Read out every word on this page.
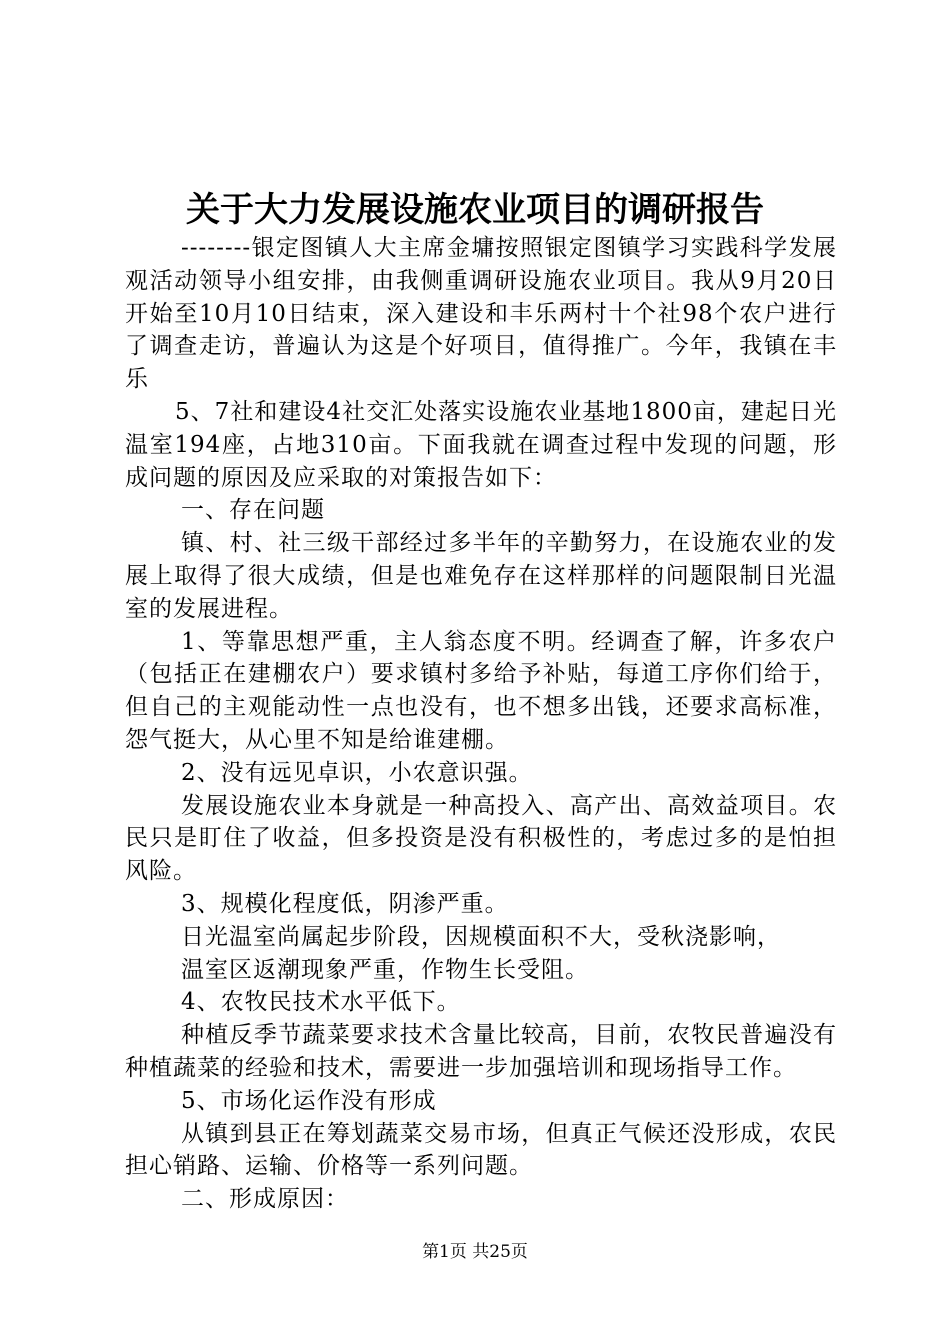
关于大力发展设施农业项目的调研报告

--------银定图镇人大主席金墉按照银定图镇学习实践科学发展观活动领导小组安排，由我侧重调研设施农业项目。我从9月20日开始至10月10日结束，深入建设和丰乐两村十个社98个农户进行了调查走访，普遍认为这是个好项目，值得推广。今年，我镇在丰乐

5、7社和建设4社交汇处落实设施农业基地1800亩，建起日光温室194座，占地310亩。下面我就在调查过程中发现的问题，形成问题的原因及应采取的对策报告如下：

一、存在问题

镇、村、社三级干部经过多半年的辛勤努力，在设施农业的发展上取得了很大成绩，但是也难免存在这样那样的问题限制日光温室的发展进程。

1、等靠思想严重，主人翁态度不明。经调查了解，许多农户（包括正在建棚农户）要求镇村多给予补贴，每道工序你们给于，但自己的主观能动性一点也没有，也不想多出钱，还要求高标准，怨气挺大，从心里不知是给谁建棚。

2、没有远见卓识，小农意识强。

发展设施农业本身就是一种高投入、高产出、高效益项目。农民只是盯住了收益，但多投资是没有积极性的，考虑过多的是怕担风险。

3、规模化程度低，阴渗严重。

日光温室尚属起步阶段，因规模面积不大，受秋浇影响，

温室区返潮现象严重，作物生长受阻。

4、农牧民技术水平低下。

种植反季节蔬菜要求技术含量比较高，目前，农牧民普遍没有种植蔬菜的经验和技术，需要进一步加强培训和现场指导工作。

5、市场化运作没有形成

从镇到县正在筹划蔬菜交易市场，但真正气候还没形成，农民担心销路、运输、价格等一系列问题。

二、形成原因：

第1页 共25页
